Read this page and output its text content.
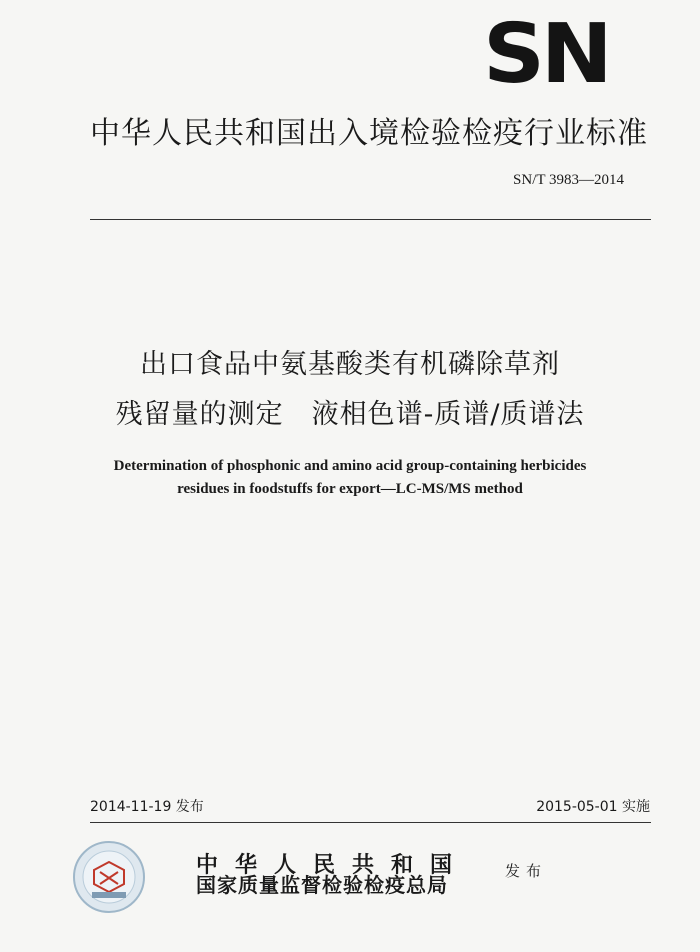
SN
中华人民共和国出入境检验检疫行业标准
SN/T 3983—2014
出口食品中氨基酸类有机磷除草剂
残留量的测定　液相色谱-质谱/质谱法
Determination of phosphonic and amino acid group-containing herbicides
residues in foodstuffs for export—LC-MS/MS method
2014-11-19 发布	2015-05-01 实施
中华人民共和国
国家质量监督检验检疫总局
发布
